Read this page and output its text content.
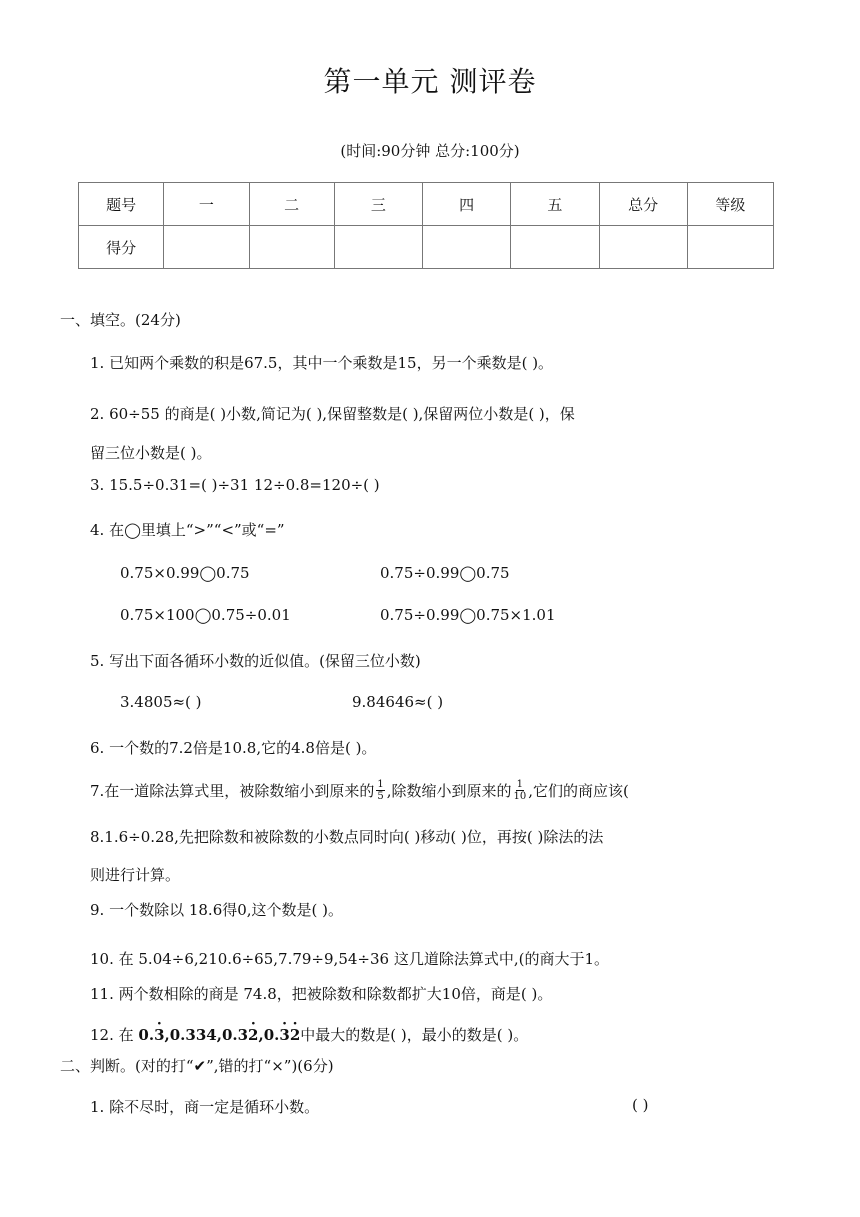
第一单元 测评卷
(时间:90分钟 总分:100分)
题号	一	二	三	四	五	总分	等级
得分							
一、填空。(24分)
1. 已知两个乘数的积是67.5，其中一个乘数是15，另一个乘数是( )。
2. 60÷55 的商是( )小数,简记为( ),保留整数是( ),保留两位小数是( )，保
留三位小数是( )。
3. 15.5÷0.31=( )÷31 12÷0.8=120÷( )
4. 在◯里填上“>”“<”或“=”
0.75×0.99◯0.75	0.75÷0.99◯0.75
0.75×100◯0.75÷0.01	0.75÷0.99◯0.75×1.01
5. 写出下面各循环小数的近似值。(保留三位小数)
3.4805≈( )	9.84646≈( )
6. 一个数的7.2倍是10.8,它的4.8倍是( )。
7.在一道除法算式里，被除数缩小到原来的 $\frac{1}{5}$ ,除数缩小到原来的 $\frac{1}{10}$ ,它们的商应该(
8.1.6÷0.28,先把除数和被除数的小数点同时向( )移动( )位，再按( )除法的法
则进行计算。
9. 一个数除以 18.6得0,这个数是( )。
10. 在 5.04÷6,210.6÷65,7.79÷9,54÷36 这几道除法算式中,(的商大于1。
11. 两个数相除的商是 74.8，把被除数和除数都扩大10倍，商是( )。
12. 在 0.· 3,0.334,0.3· 2,0.· 3· 2中最大的数是( )，最小的数是( )。
二、判断。(对的打“✔”,错的打“×”)(6分)
1. 除不尽时，商一定是循环小数。	( )
